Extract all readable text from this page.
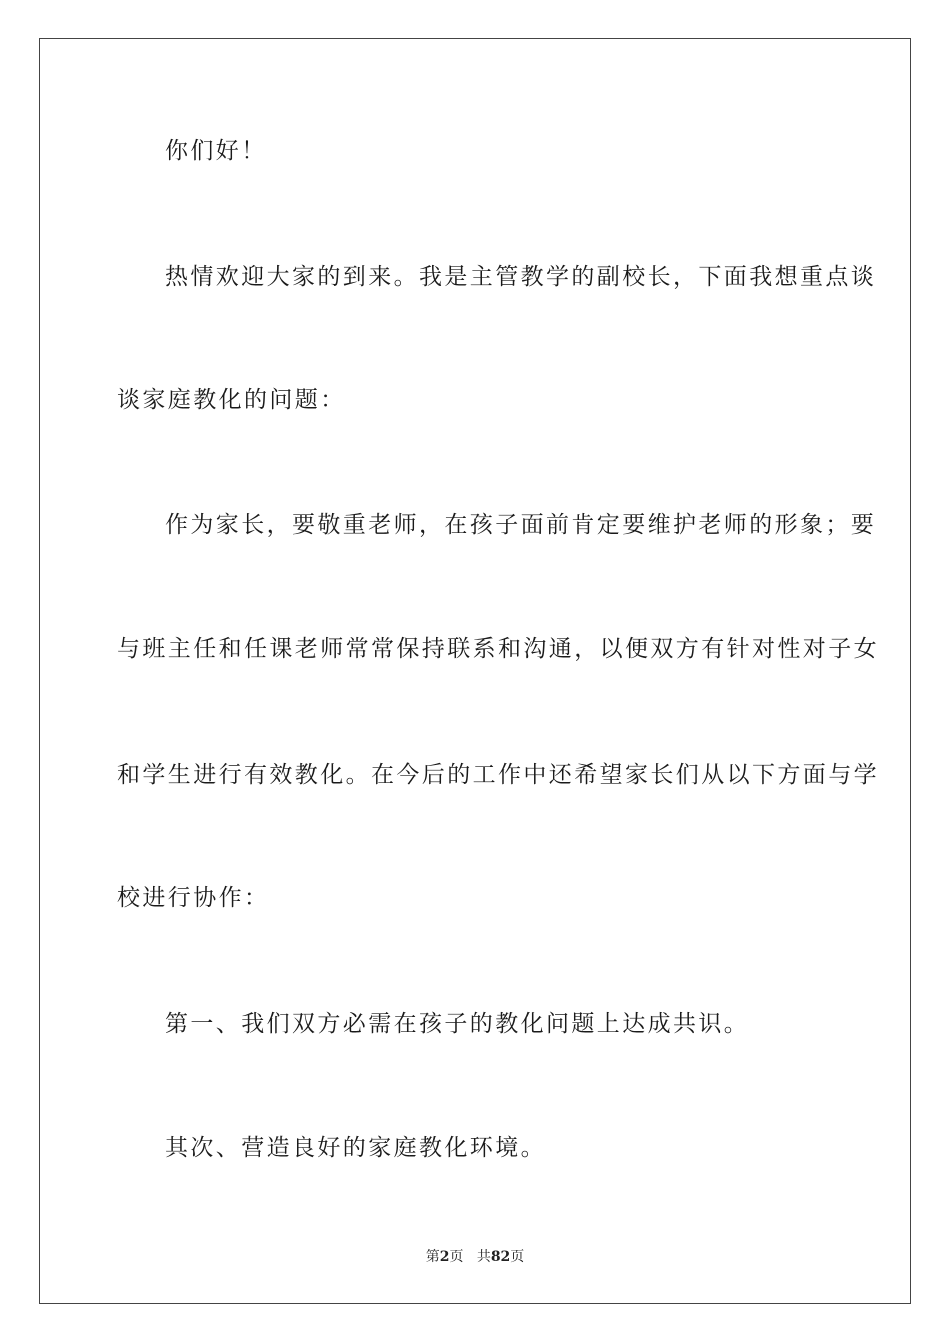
你们好！
热情欢迎大家的到来。我是主管教学的副校长，下面我想重点谈
谈家庭教化的问题：
作为家长，要敬重老师，在孩子面前肯定要维护老师的形象；要
与班主任和任课老师常常保持联系和沟通，以便双方有针对性对子女
和学生进行有效教化。在今后的工作中还希望家长们从以下方面与学
校进行协作：
第一、我们双方必需在孩子的教化问题上达成共识。
其次、营造良好的家庭教化环境。
第2页 共82页
